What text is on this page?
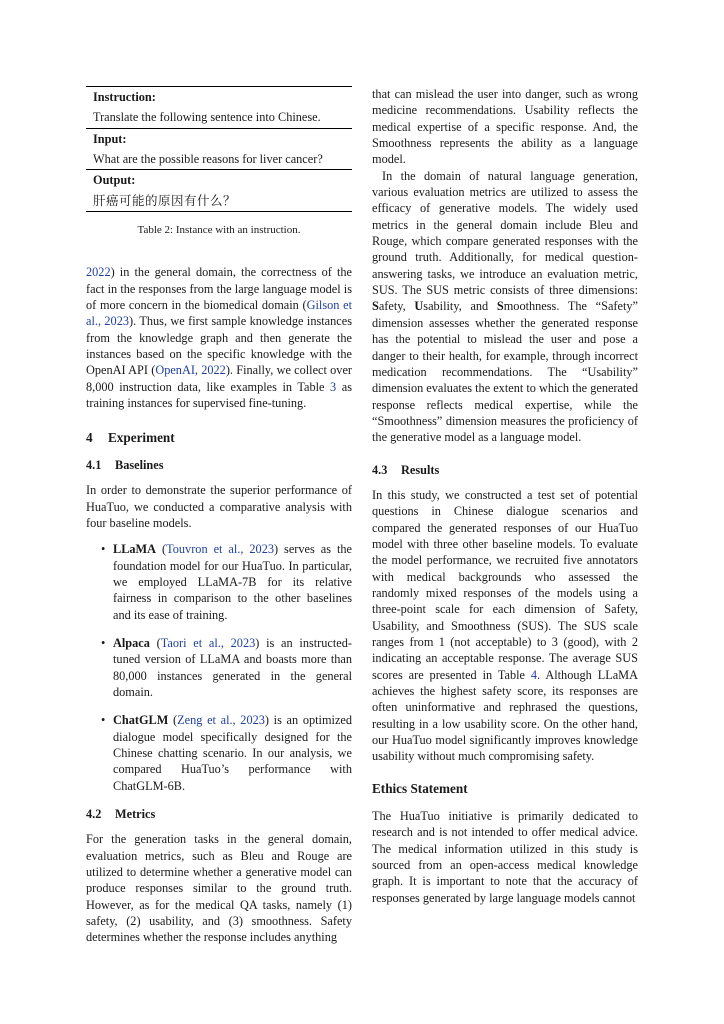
Instruction:
Translate the following sentence into Chinese.
Input:
What are the possible reasons for liver cancer?
Output:
肝癌可能的原因有什么？

Table 2: Instance with an instruction.

2022) in the general domain, the correctness of the fact in the responses from the large language model is of more concern in the biomedical domain (Gilson et al., 2023). Thus, we first sample knowledge instances from the knowledge graph and then generate the instances based on the specific knowledge with the OpenAI API (OpenAI, 2022). Finally, we collect over 8,000 instruction data, like examples in Table 3 as training instances for supervised fine-tuning.

4 Experiment
4.1 Baselines

In order to demonstrate the superior performance of HuaTuo, we conducted a comparative analysis with four baseline models.

• LLaMA (Touvron et al., 2023) serves as the foundation model for our HuaTuo. In particular, we employed LLaMA-7B for its relative fairness in comparison to the other baselines and its ease of training.

• Alpaca (Taori et al., 2023) is an instructed-tuned version of LLaMA and boasts more than 80,000 instances generated in the general domain.

• ChatGLM (Zeng et al., 2023) is an optimized dialogue model specifically designed for the Chinese chatting scenario. In our analysis, we compared HuaTuo’s performance with ChatGLM-6B.

4.2 Metrics

For the generation tasks in the general domain, evaluation metrics, such as Bleu and Rouge are utilized to determine whether a generative model can produce responses similar to the ground truth. However, as for the medical QA tasks, namely (1) safety, (2) usability, and (3) smoothness. Safety determines whether the response includes anything

that can mislead the user into danger, such as wrong medicine recommendations. Usability reflects the medical expertise of a specific response. And, the Smoothness represents the ability as a language model.

In the domain of natural language generation, various evaluation metrics are utilized to assess the efficacy of generative models. The widely used metrics in the general domain include Bleu and Rouge, which compare generated responses with the ground truth. Additionally, for medical question-answering tasks, we introduce an evaluation metric, SUS. The SUS metric consists of three dimensions: Safety, Usability, and Smoothness. The “Safety” dimension assesses whether the generated response has the potential to mislead the user and pose a danger to their health, for example, through incorrect medication recommendations. The “Usability” dimension evaluates the extent to which the generated response reflects medical expertise, while the “Smoothness” dimension measures the proficiency of the generative model as a language model.

4.3 Results

In this study, we constructed a test set of potential questions in Chinese dialogue scenarios and compared the generated responses of our HuaTuo model with three other baseline models. To evaluate the model performance, we recruited five annotators with medical backgrounds who assessed the randomly mixed responses of the models using a three-point scale for each dimension of Safety, Usability, and Smoothness (SUS). The SUS scale ranges from 1 (not acceptable) to 3 (good), with 2 indicating an acceptable response. The average SUS scores are presented in Table 4. Although LLaMA achieves the highest safety score, its responses are often uninformative and rephrased the questions, resulting in a low usability score. On the other hand, our HuaTuo model significantly improves knowledge usability without much compromising safety.

Ethics Statement

The HuaTuo initiative is primarily dedicated to research and is not intended to offer medical advice. The medical information utilized in this study is sourced from an open-access medical knowledge graph. It is important to note that the accuracy of responses generated by large language models cannot
